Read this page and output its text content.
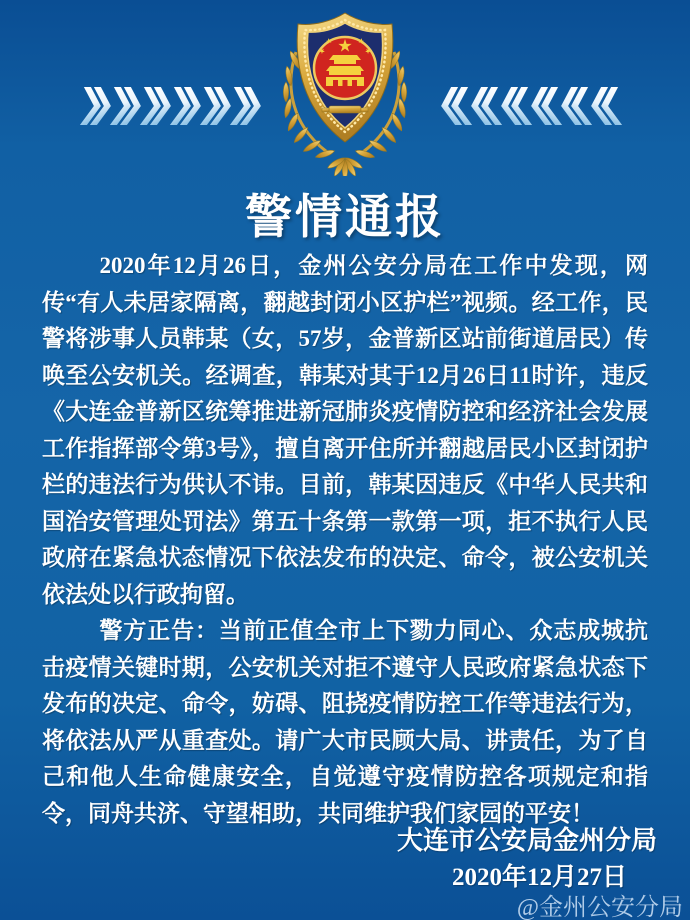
警情通报

2020年12月26日，金州公安分局在工作中发现，网传“有人未居家隔离，翻越封闭小区护栏”视频。经工作，民警将涉事人员韩某（女，57岁，金普新区站前街道居民）传唤至公安机关。经调查，韩某对其于12月26日11时许，违反《大连金普新区统筹推进新冠肺炎疫情防控和经济社会发展工作指挥部令第3号》，擅自离开住所并翻越居民小区封闭护栏的违法行为供认不讳。目前，韩某因违反《中华人民共和国治安管理处罚法》第五十条第一款第一项，拒不执行人民政府在紧急状态情况下依法发布的决定、命令，被公安机关依法处以行政拘留。

警方正告：当前正值全市上下勠力同心、众志成城抗击疫情关键时期，公安机关对拒不遵守人民政府紧急状态下发布的决定、命令，妨碍、阻挠疫情防控工作等违法行为，将依法从严从重查处。请广大市民顾大局、讲责任，为了自己和他人生命健康安全，自觉遵守疫情防控各项规定和指令，同舟共济、守望相助，共同维护我们家园的平安！

大连市公安局金州分局
2020年12月27日
@金州公安分局
